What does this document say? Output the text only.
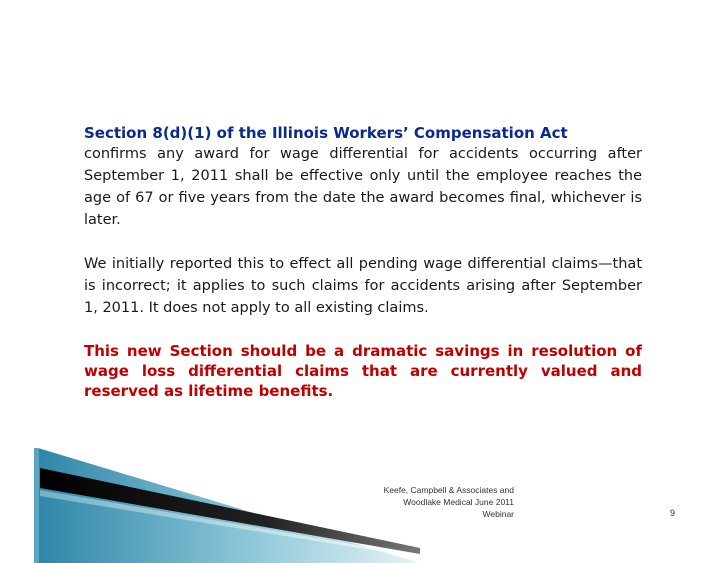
Section 8(d)(1) of the Illinois Workers’ Compensation Act

confirms any award for wage differential for accidents occurring after September 1, 2011 shall be effective only until the employee reaches the age of 67 or five years from the date the award becomes final, whichever is later.

We initially reported this to effect all pending wage differential claims—that is incorrect; it applies to such claims for accidents arising after September 1, 2011. It does not apply to all existing claims.

This new Section should be a dramatic savings in resolution of wage loss differential claims that are currently valued and reserved as lifetime benefits.

Keefe, Campbell & Associates and
Woodlake Medical June 2011
Webinar	9
